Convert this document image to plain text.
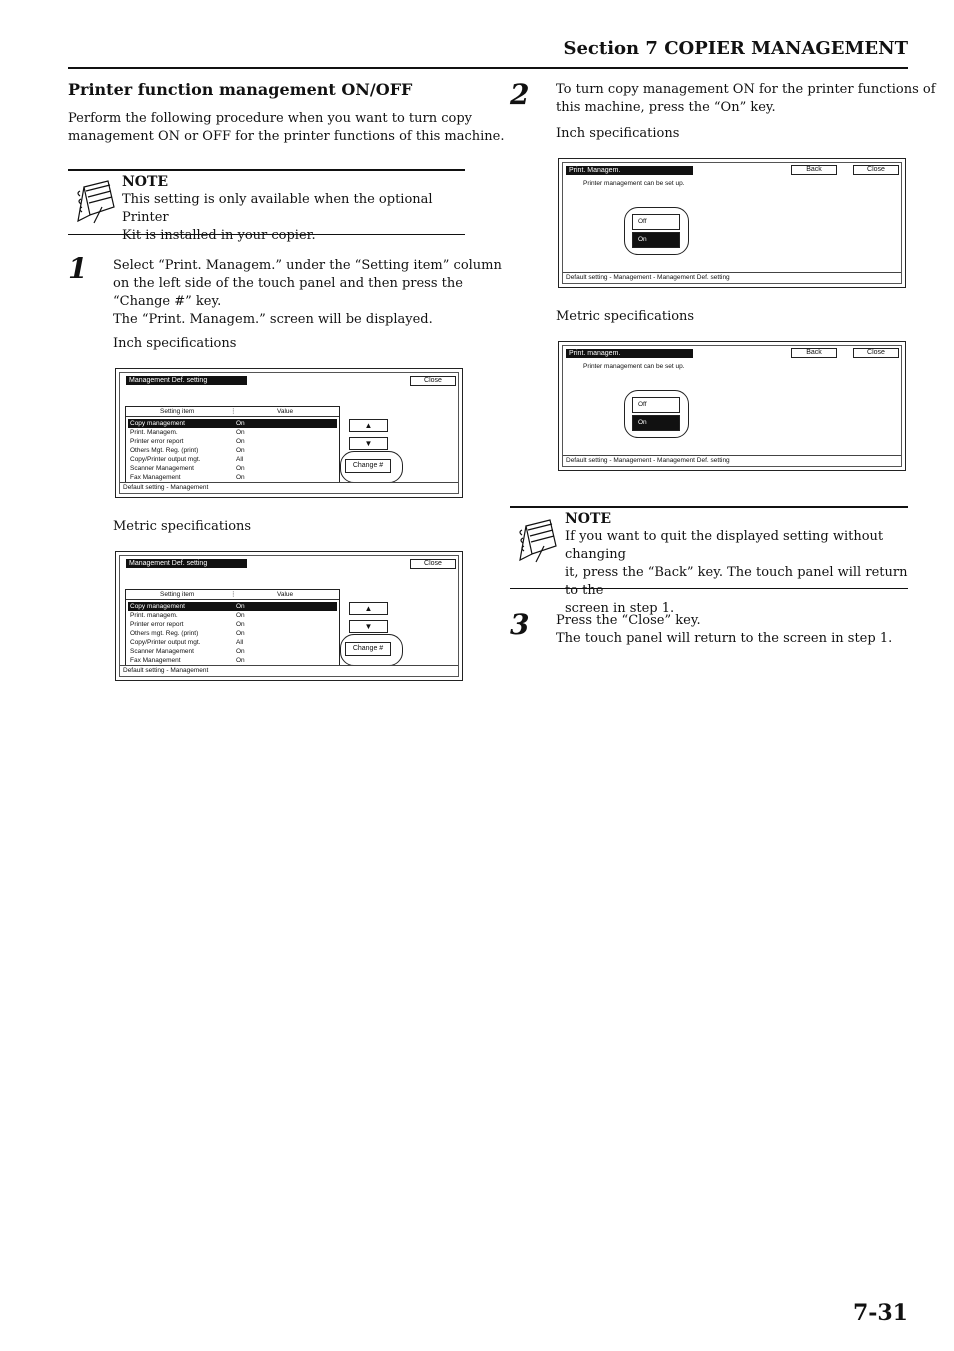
Section 7 COPIER MANAGEMENT
Printer function management ON/OFF
Perform the following procedure when you want to turn copy
management ON or OFF for the printer functions of this machine.
NOTE
This setting is only available when the optional Printer
Kit is installed in your copier.
1 Select “Print. Managem.” under the “Setting item” column
on the left side of the touch panel and then press the
“Change #” key.
The “Print. Managem.” screen will be displayed.
Inch specifications
Management Def. setting	Close
Setting item	⋮	Value
Copy management	On
Print. Managem.	On
Printer error report	On
Others Mgt. Reg. (print)	On
Copy/Printer output mgt.	All
Scanner Management	On
Fax Management	On
▲
▼
Change #
Default setting - Management
Metric specifications
Management Def. setting	Close
Setting item	⋮	Value
Copy management	On
Print. managem.	On
Printer error report	On
Others mgt. Reg. (print)	On
Copy/Printer output mgt.	All
Scanner Management	On
Fax Management	On
▲
▼
Change #
Default setting - Management
2 To turn copy management ON for the printer functions of
this machine, press the “On” key.
Inch specifications
Print. Managem.	Back	Close
Printer management can be set up.
Off
On
Default setting - Management - Management Def. setting
Metric specifications
Print. managem.	Back	Close
Printer management can be set up.
Off
On
Default setting - Management - Management Def. setting
NOTE
If you want to quit the displayed setting without changing
it, press the “Back” key. The touch panel will return to the
screen in step 1.
3 Press the “Close” key.
The touch panel will return to the screen in step 1.
7-31
